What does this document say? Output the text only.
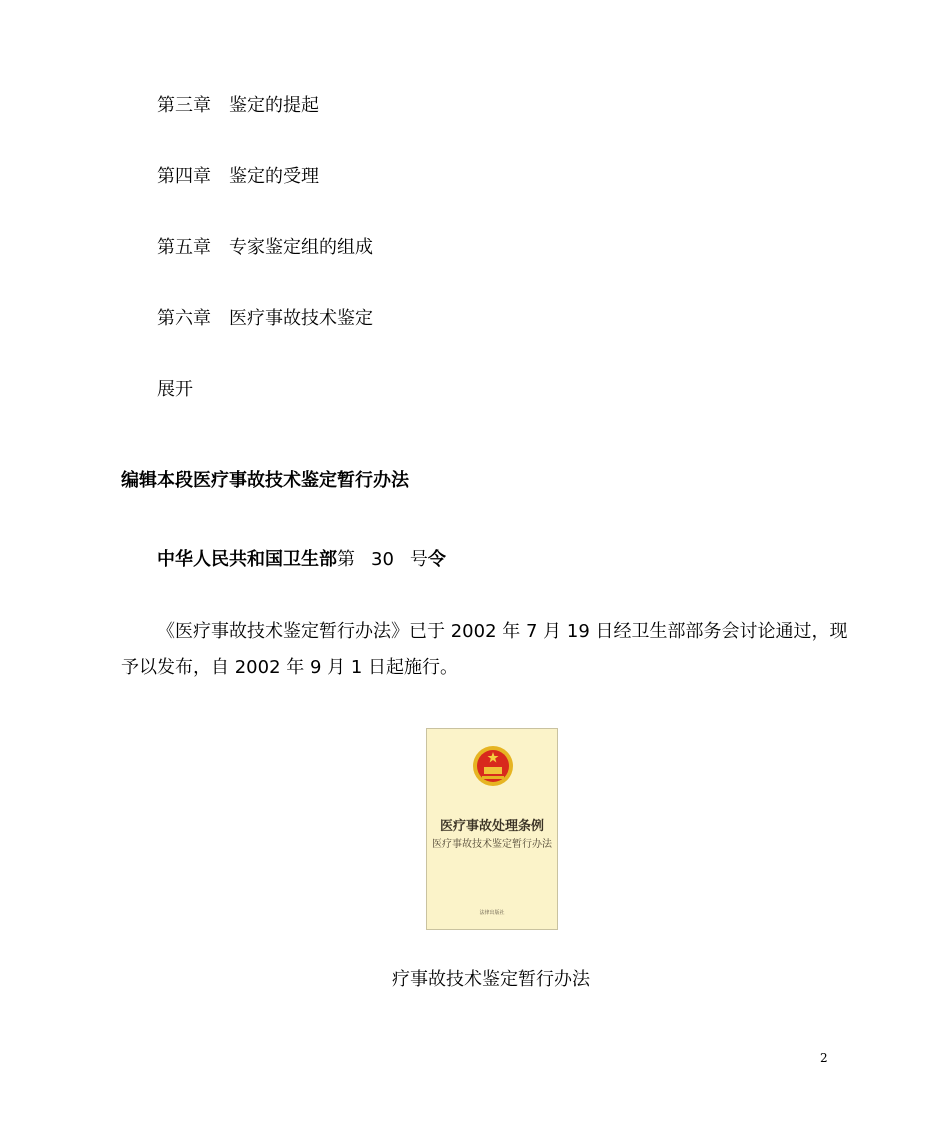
第三章 鉴定的提起
第四章 鉴定的受理
第五章 专家鉴定组的组成
第六章 医疗事故技术鉴定
展开
编辑本段医疗事故技术鉴定暂行办法
中华人民共和国卫生部第 30 号令
《医疗事故技术鉴定暂行办法》已于 2002 年 7 月 19 日经卫生部部务会讨论通过，现
予以发布，自 2002 年 9 月 1 日起施行。
医疗事故处理条例
医疗事故技术鉴定暂行办法
法律出版社
疗事故技术鉴定暂行办法
2
